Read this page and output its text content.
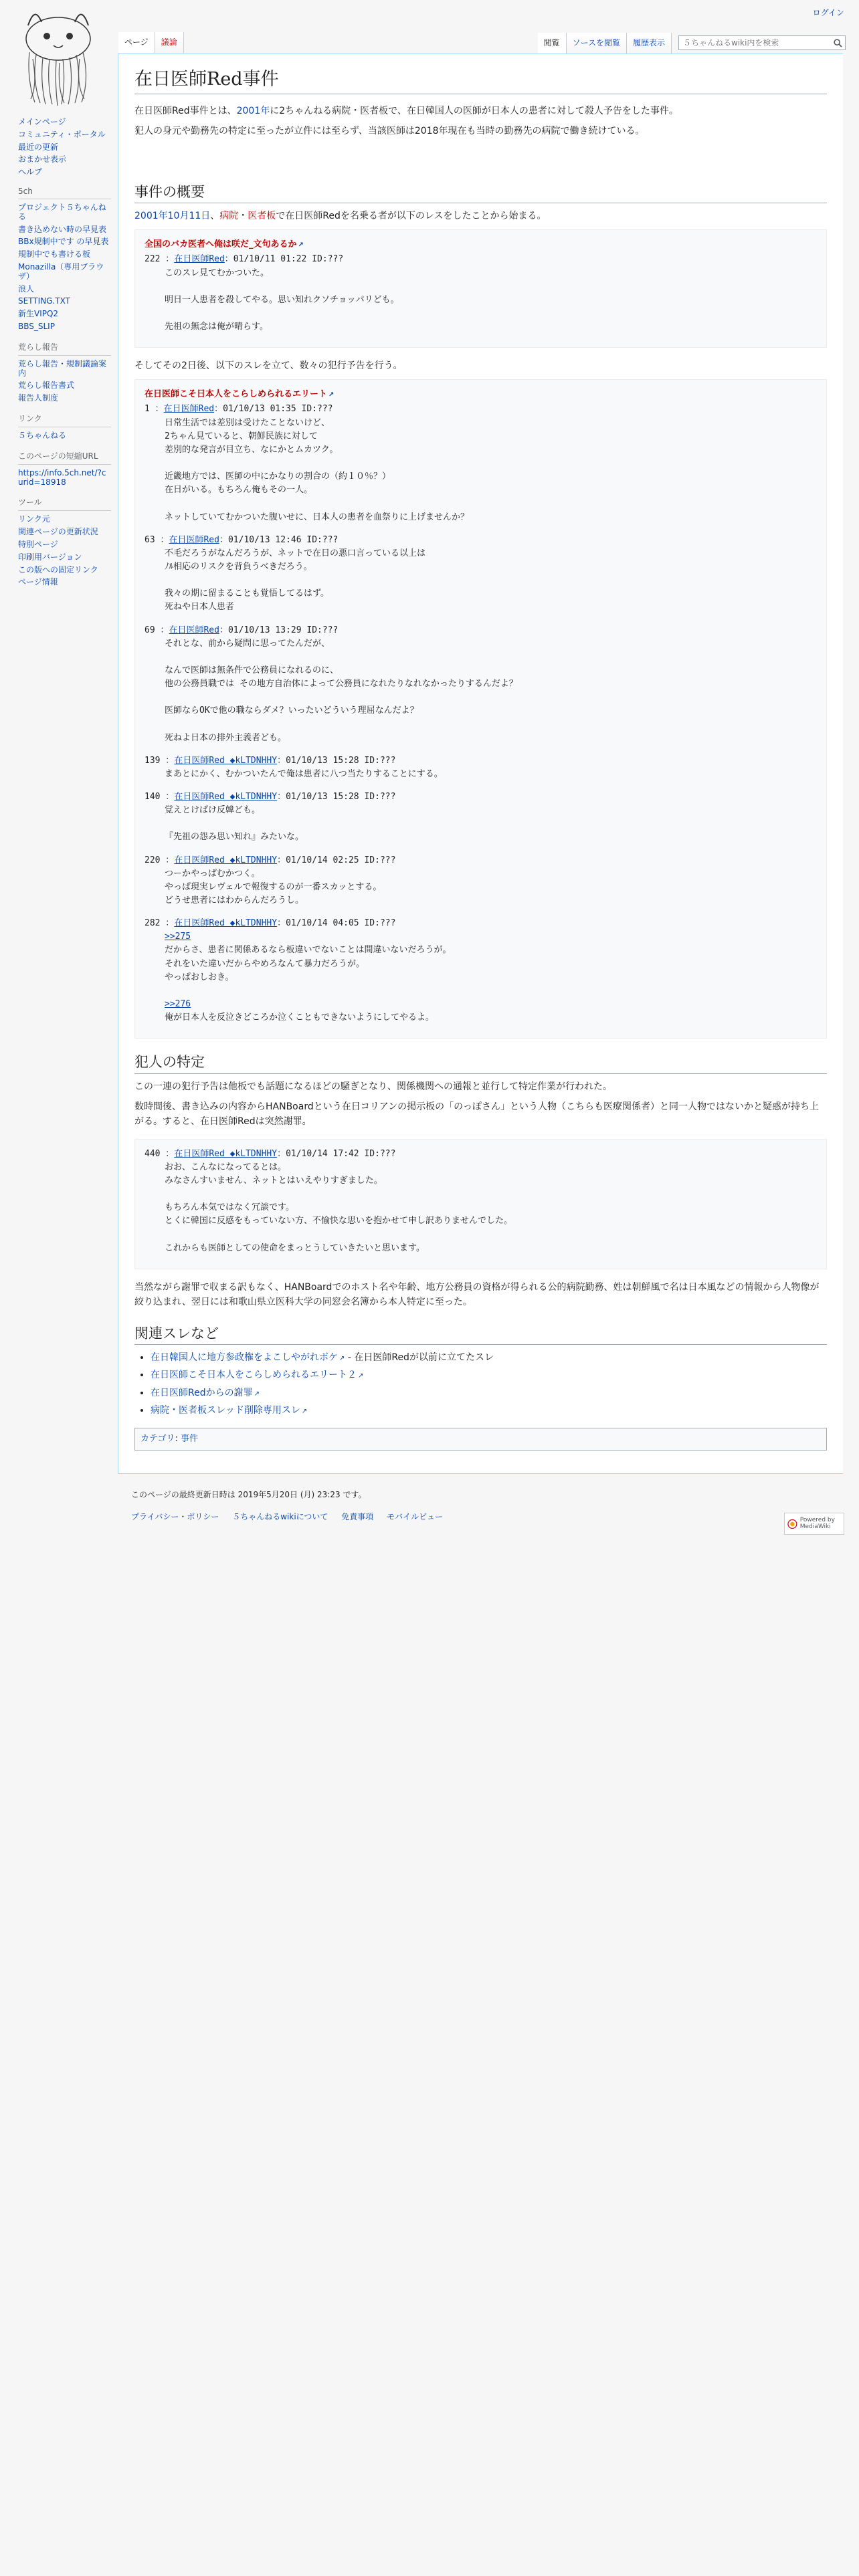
ログイン
メインページ
コミュニティ・ポータル
最近の更新
おまかせ表示
ヘルプ
5ch
プロジェクト５ちゃんねる
書き込めない時の早見表
BBx規制中です の早見表
規制中でも書ける板
Monazilla（専用ブラウザ）
浪人
SETTING.TXT
新生VIPQ2
BBS_SLIP
荒らし報告
荒らし報告・規制議論案内
荒らし報告書式
報告人制度
リンク
５ちゃんねる
このページの短縮URL
https://info.5ch.net/?curid=18918
ツール
リンク元
関連ページの更新状況
特別ページ
印刷用バージョン
この版への固定リンク
ページ情報
ページ	議論	閲覧	ソースを閲覧	履歴表示
５ちゃんねるwiki内を検索
在日医師Red事件

在日医師Red事件とは、2001年に2ちゃんねる病院・医者板で、在日韓国人の医師が日本人の患者に対して殺人予告をした事件。

犯人の身元や勤務先の特定に至ったが立件には至らず、当該医師は2018年現在も当時の勤務先の病院で働き続けている。

事件の概要

2001年10月11日、病院・医者板で在日医師Redを名乗る者が以下のレスをしたことから始まる。

全国のバカ医者へ俺は咲だ_文句あるか ↗
222 ：在日医師Red：01/10/11 01:22 ID:???
このスレ見てむかついた。

明日一人患者を殺してやる。思い知れクソチョッパリども。

先祖の無念は俺が晴らす。

そしてその2日後、以下のスレを立て、数々の犯行予告を行う。

在日医師こそ日本人をこらしめられるエリート ↗
1 ：在日医師Red：01/10/13 01:35 ID:???
日常生活では差別は受けたことないけど、
2ちゃん見ていると、朝鮮民族に対して
差別的な発言が目立ち、なにかとムカツク。

近畿地方では、医師の中にかなりの割合の（約１０％？）
在日がいる。もちろん俺もその一人。

ネットしていてむかついた腹いせに、日本人の患者を血祭りに上げませんか？
63 ：在日医師Red：01/10/13 12:46 ID:???
不毛だろうがなんだろうが、ネットで在日の悪口言っている以上は
ﾉﾙ相応のリスクを背負うべきだろう。

我々の期に留まることも覚悟してるはず。
死ねや日本人患者
69 ：在日医師Red：01/10/13 13:29 ID:???
それとな、前から疑問に思ってたんだが、

なんで医師は無条件で公務員になれるのに、
他の公務員職では その地方自治体によって公務員になれたりなれなかったりするんだよ？

医師ならOKで他の職ならダメ？いったいどういう理屈なんだよ？

死ねよ日本の排外主義者ども。
139 ：在日医師Red ◆kLTDNHHY：01/10/13 15:28 ID:???
まあとにかく、むかついたんで俺は患者に八つ当たりすることにする。
140 ：在日医師Red ◆kLTDNHHY：01/10/13 15:28 ID:???
覚えとけばけ反韓ども。

『先祖の怨み思い知れ』みたいな。
220 ：在日医師Red ◆kLTDNHHY：01/10/14 02:25 ID:???
つーかやっぱむかつく。
やっぱ現実レヴェルで報復するのが一番スカッとする。
どうせ患者にはわからんだろうし。
282 ：在日医師Red ◆kLTDNHHY：01/10/14 04:05 ID:???
>>275
だからさ、患者に関係あるなら板違いでないことは間違いないだろうが。
それをいた違いだからやめろなんて暴力だろうが。
やっぱおしおき。

>>276
俺が日本人を反泣きどころか泣くこともできないようにしてやるよ。
犯人の特定

この一連の犯行予告は他板でも話題になるほどの騒ぎとなり、関係機関への通報と並行して特定作業が行われた。

数時間後、書き込みの内容からHANBoardという在日コリアンの掲示板の「のっぽさん」という人物（こちらも医療関係者）と同一人物ではないかと疑惑が持ち上がる。すると、在日医師Redは突然謝罪。

440 ：在日医師Red ◆kLTDNHHY：01/10/14 17:42 ID:???
おお、こんなになってるとは。
みなさんすいません、ネットとはいえやりすぎました。

もちろん本気ではなく冗談です。
とくに韓国に反感をもっていない方、不愉快な思いを抱かせて申し訳ありませんでした。

これからも医師としての使命をまっとうしていきたいと思います。

当然ながら謝罪で収まる訳もなく、HANBoardでのホスト名や年齢、地方公務員の資格が得られる公的病院勤務、姓は朝鮮風で名は日本風などの情報から人物像が絞り込まれ、翌日には和歌山県立医科大学の同窓会名簿から本人特定に至った。

関連スレなど
• 在日韓国人に地方参政権をよこしやがれボケ ↗ - 在日医師Redが以前に立てたスレ
• 在日医師こそ日本人をこらしめられるエリート２ ↗
• 在日医師Redからの謝罪 ↗
• 病院・医者板スレッド削除専用スレ ↗
カテゴリ: 事件
このページの最終更新日時は 2019年5月20日 (月) 23:23 です。
プライバシー・ポリシー ５ちゃんねるwikiについて 免責事項 モバイルビュー	Powered by MediaWiki
